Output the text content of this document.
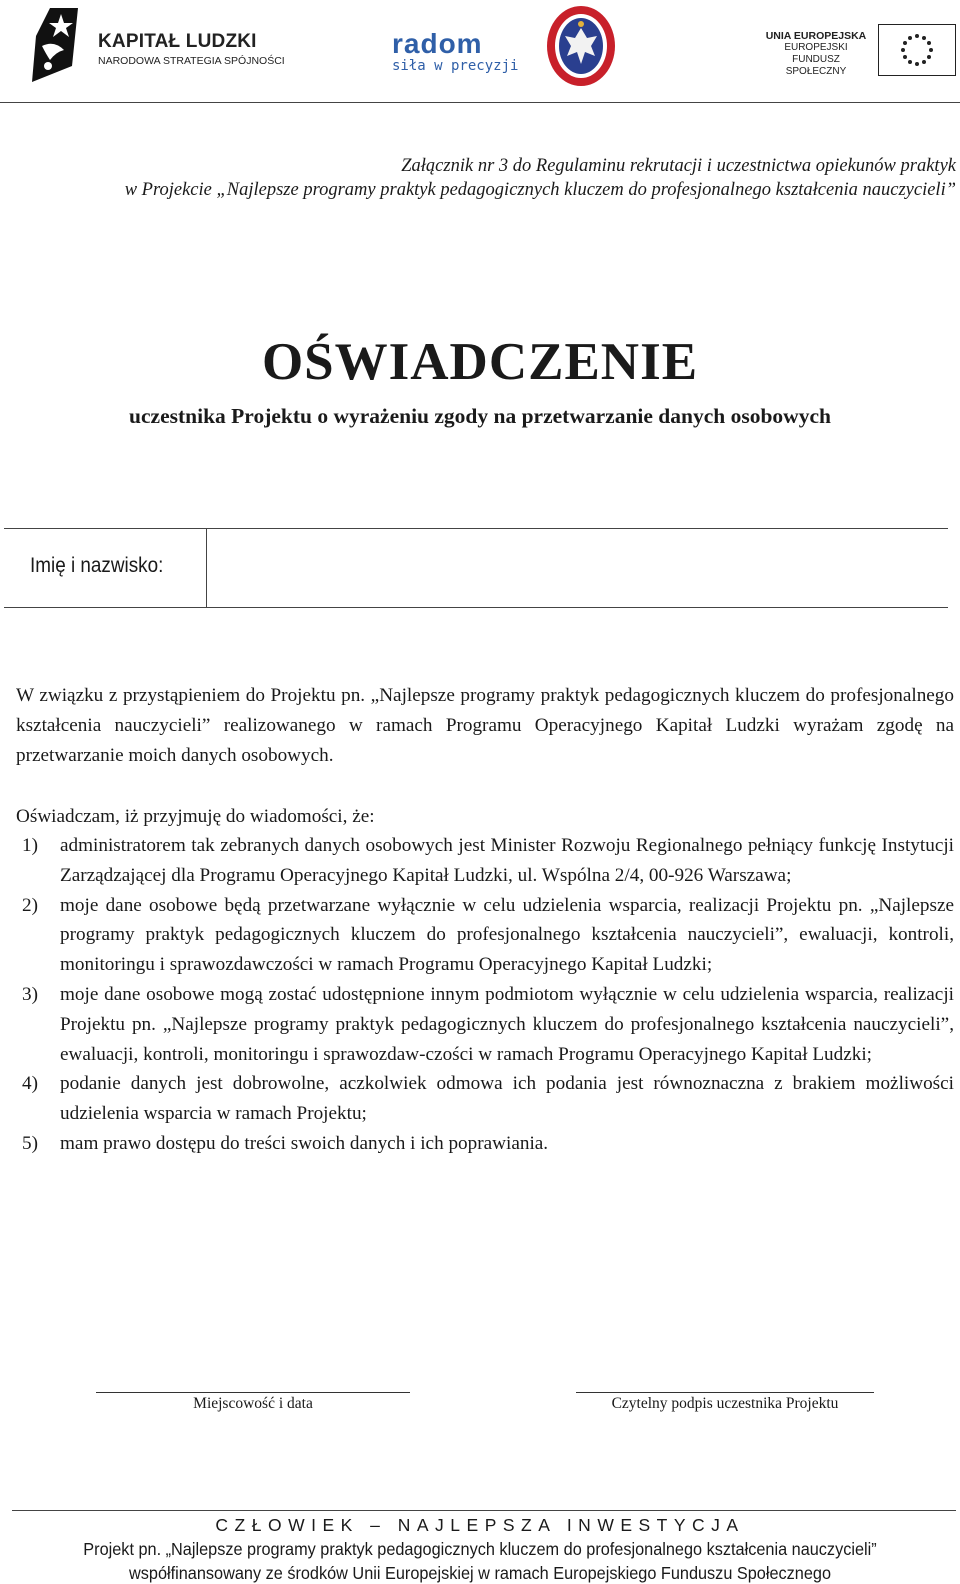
KAPITAŁ LUDZKI
NARODOWA STRATEGIA SPÓJNOŚCI
radom
siła w precyzji
UNIA EUROPEJSKA
EUROPEJSKI
FUNDUSZ SPOŁECZNY
Załącznik nr 3 do Regulaminu rekrutacji i uczestnictwa opiekunów praktyk
w Projekcie „Najlepsze programy praktyk pedagogicznych kluczem do profesjonalnego kształcenia nauczycieli”
OŚWIADCZENIE
uczestnika Projektu o wyrażeniu zgody na przetwarzanie danych osobowych
Imię i nazwisko:
W związku z przystąpieniem do Projektu pn. „Najlepsze programy praktyk pedagogicznych kluczem do profesjonalnego kształcenia nauczycieli” realizowanego w ramach Programu Operacyjnego Kapitał Ludzki wyrażam zgodę na przetwarzanie moich danych osobowych.
Oświadczam, iż przyjmuję do wiadomości, że:
1) administratorem tak zebranych danych osobowych jest Minister Rozwoju Regionalnego pełniący funkcję Instytucji Zarządzającej dla Programu Operacyjnego Kapitał Ludzki, ul. Wspólna 2/4, 00-926 Warszawa;
2) moje dane osobowe będą przetwarzane wyłącznie w celu udzielenia wsparcia, realizacji Projektu pn. „Najlepsze programy praktyk pedagogicznych kluczem do profesjonalnego kształcenia nauczycieli”, ewaluacji, kontroli, monitoringu i sprawozdawczości w ramach Programu Operacyjnego Kapitał Ludzki;
3) moje dane osobowe mogą zostać udostępnione innym podmiotom wyłącznie w celu udzielenia wsparcia, realizacji Projektu pn. „Najlepsze programy praktyk pedagogicznych kluczem do profesjonalnego kształcenia nauczycieli”, ewaluacji, kontroli, monitoringu i sprawozdaw-czości w ramach Programu Operacyjnego Kapitał Ludzki;
4) podanie danych jest dobrowolne, aczkolwiek odmowa ich podania jest równoznaczna z brakiem możliwości udzielenia wsparcia w ramach Projektu;
5) mam prawo dostępu do treści swoich danych i ich poprawiania.
Miejscowość i data	Czytelny podpis uczestnika Projektu
CZŁOWIEK – NAJLEPSZA INWESTYCJA
Projekt pn. „Najlepsze programy praktyk pedagogicznych kluczem do profesjonalnego kształcenia nauczycieli”
współfinansowany ze środków Unii Europejskiej w ramach Europejskiego Funduszu Społecznego
